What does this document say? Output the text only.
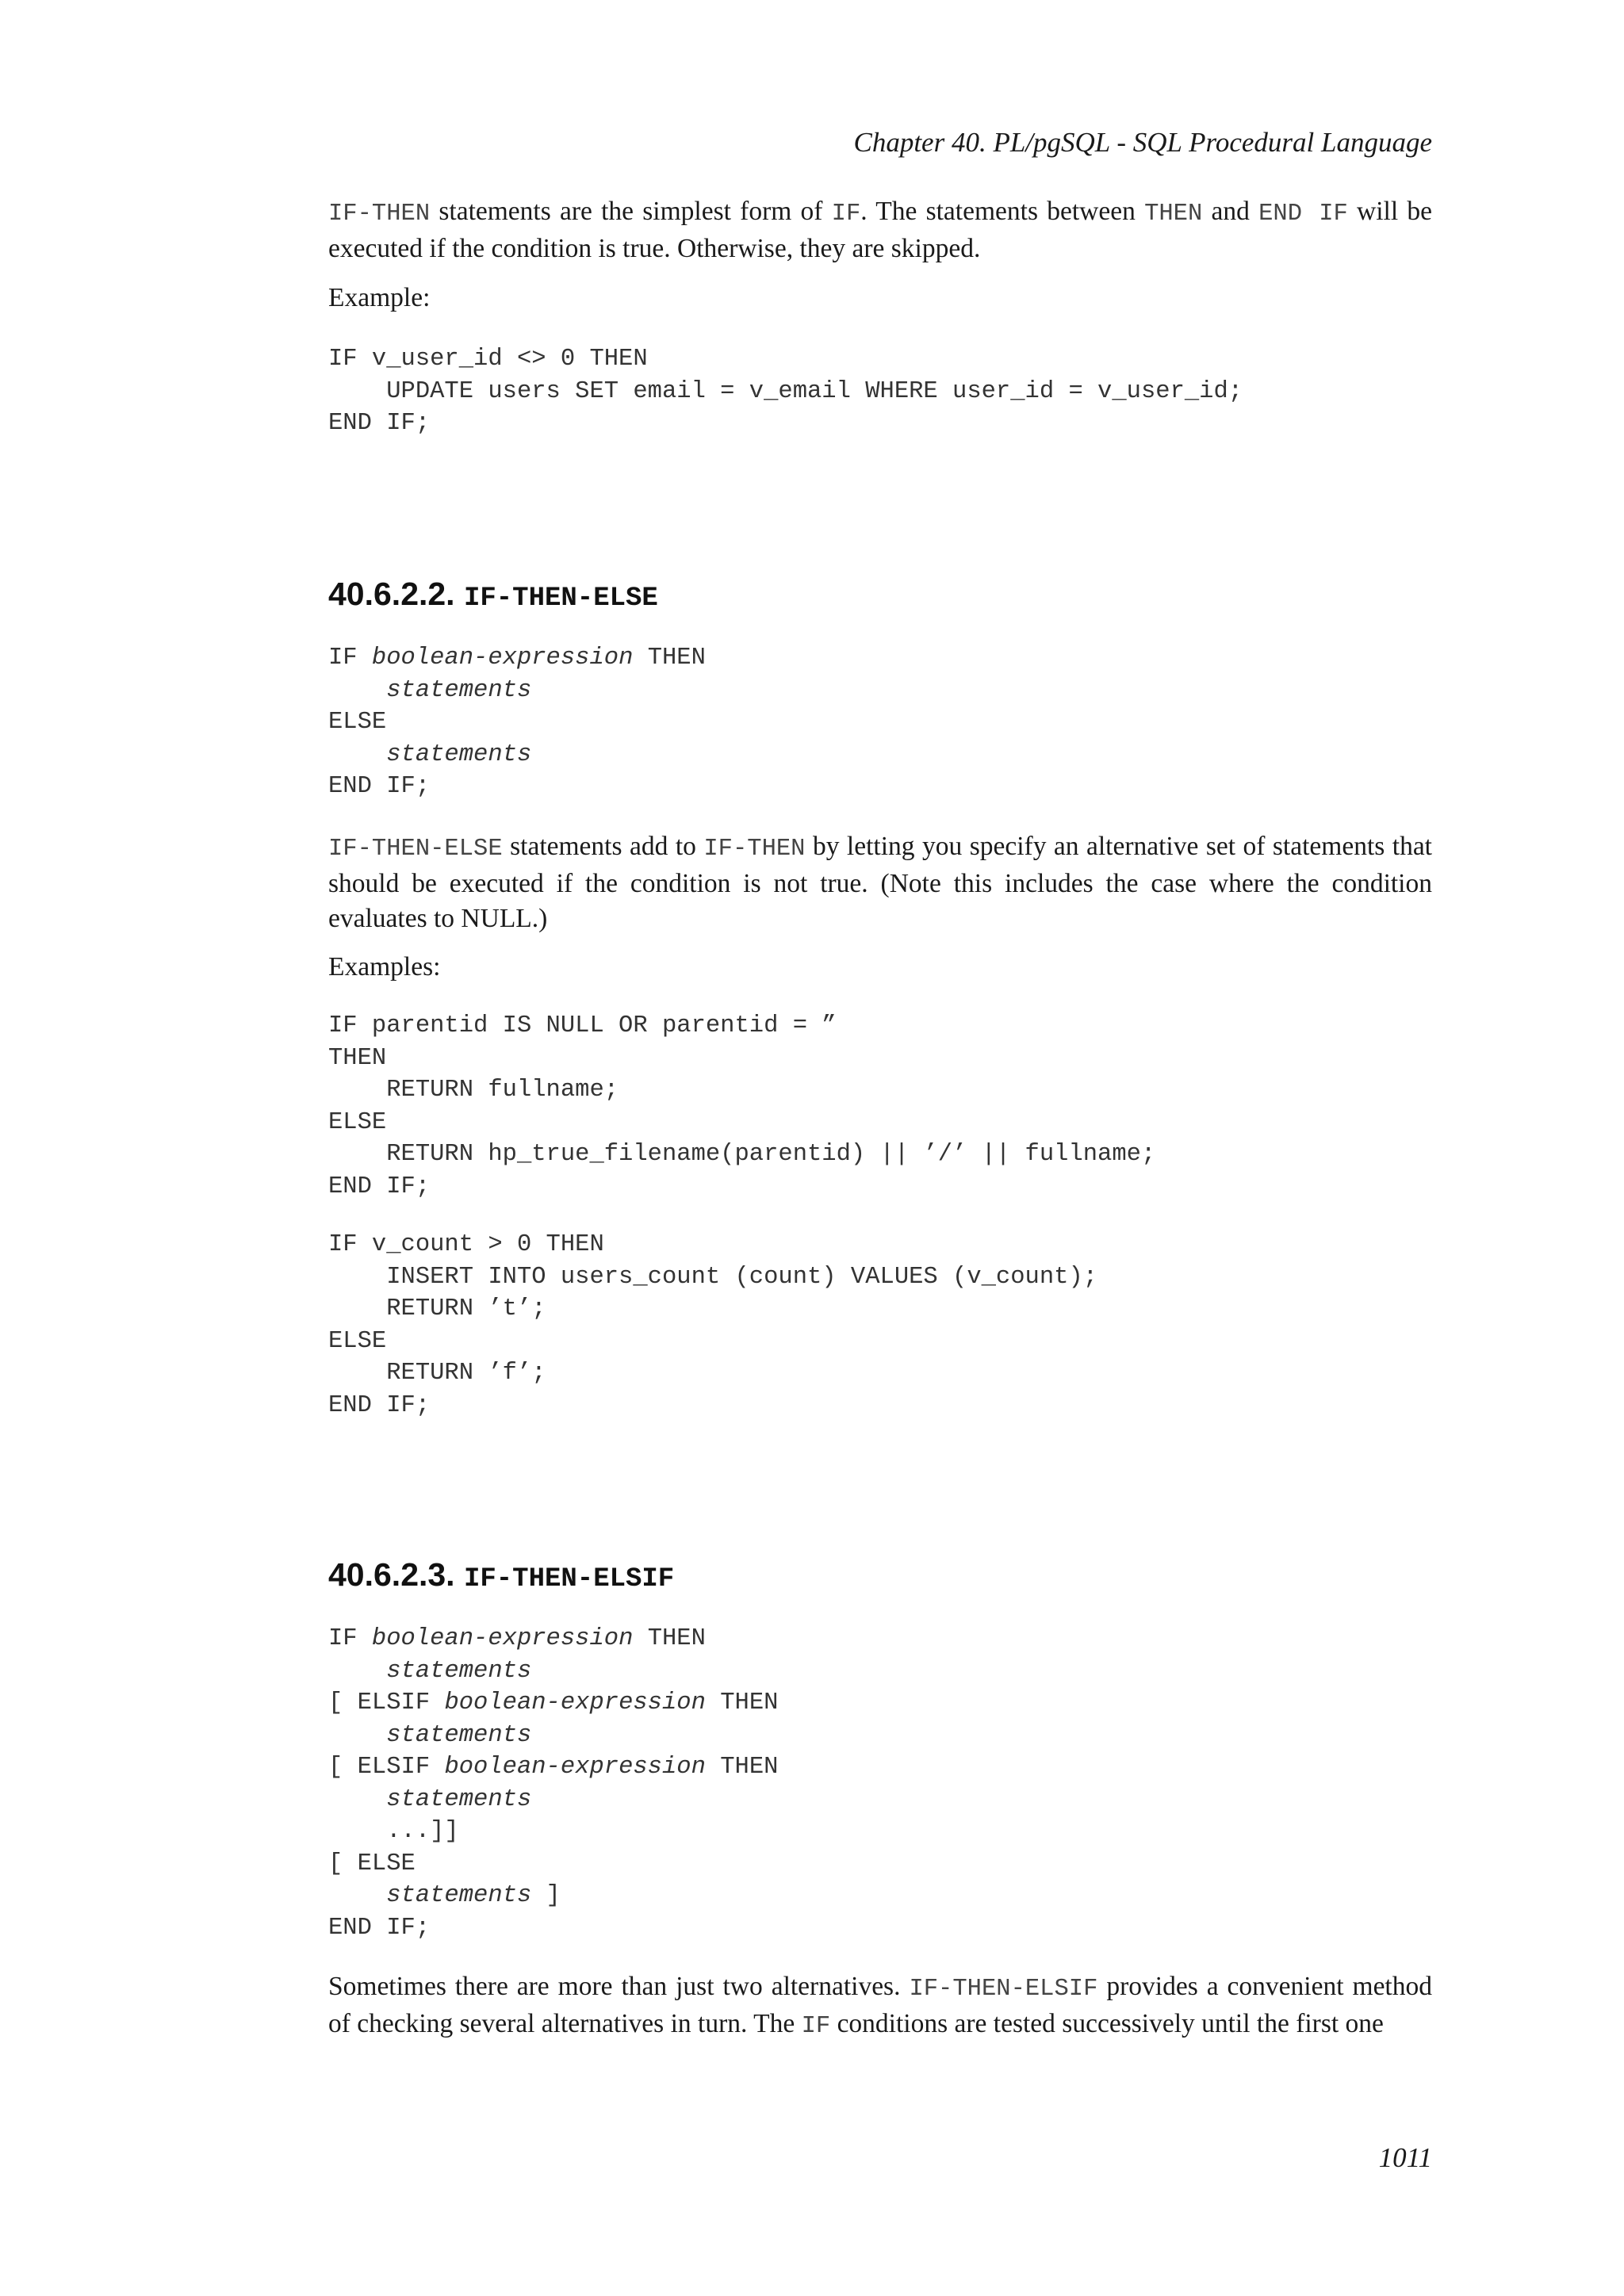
Chapter 40. PL/pgSQL - SQL Procedural Language

IF-THEN statements are the simplest form of IF. The statements between THEN and END IF will be executed if the condition is true. Otherwise, they are skipped.

Example:

IF v_user_id <> 0 THEN
UPDATE users SET email = v_email WHERE user_id = v_user_id;
END IF;
40.6.2.2. IF-THEN-ELSE
IF boolean-expression THEN
statements
ELSE
statements
END IF;

IF-THEN-ELSE statements add to IF-THEN by letting you specify an alternative set of statements that should be executed if the condition is not true. (Note this includes the case where the condition evaluates to NULL.)

Examples:

IF parentid IS NULL OR parentid = ”
THEN
RETURN fullname;
ELSE
RETURN hp_true_filename(parentid) || ’/’ || fullname;
END IF;
IF v_count > 0 THEN
INSERT INTO users_count (count) VALUES (v_count);
RETURN ’t’;
ELSE
RETURN ’f’;
END IF;
40.6.2.3. IF-THEN-ELSIF
IF boolean-expression THEN
statements
[ ELSIF boolean-expression THEN
statements
[ ELSIF boolean-expression THEN
statements
...]]
[ ELSE
statements ]
END IF;

Sometimes there are more than just two alternatives. IF-THEN-ELSIF provides a convenient method of checking several alternatives in turn. The IF conditions are tested successively until the first one

1011
